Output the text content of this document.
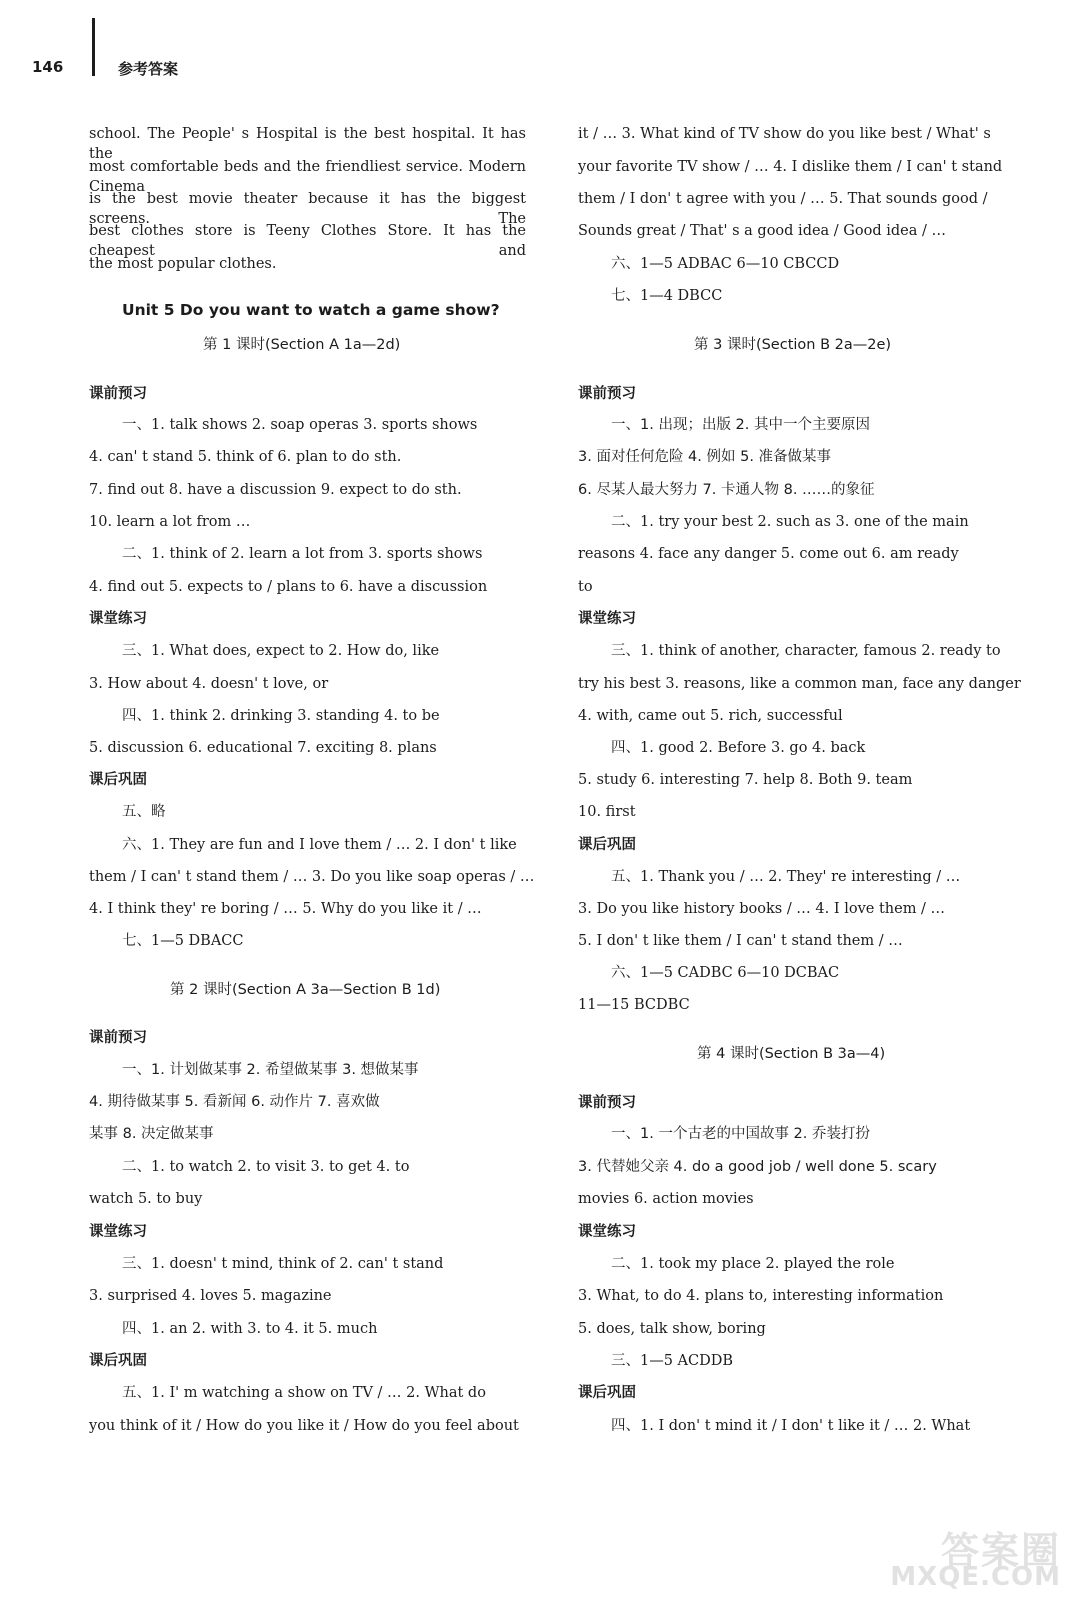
146	参考答案
school. The People' s Hospital is the best hospital. It has the
most comfortable beds and the friendliest service. Modern Cinema
is the best movie theater because it has the biggest screens. The
best clothes store is Teeny Clothes Store. It has the cheapest and
the most popular clothes.
Unit 5 Do you want to watch a game show?
第 1 课时(Section A 1a—2d)
课前预习
一、1. talk shows 2. soap operas 3. sports shows
4. can' t stand 5. think of 6. plan to do sth.
7. find out 8. have a discussion 9. expect to do sth.
10. learn a lot from …
二、1. think of 2. learn a lot from 3. sports shows
4. find out 5. expects to / plans to 6. have a discussion
课堂练习
三、1. What does, expect to 2. How do, like
3. How about 4. doesn' t love, or
四、1. think 2. drinking 3. standing 4. to be
5. discussion 6. educational 7. exciting 8. plans
课后巩固
五、略
六、1. They are fun and I love them / … 2. I don' t like
them / I can' t stand them / … 3. Do you like soap operas / …
4. I think they' re boring / … 5. Why do you like it / …
七、1—5 DBACC
第 2 课时(Section A 3a—Section B 1d)
课前预习
一、1. 计划做某事 2. 希望做某事 3. 想做某事
4. 期待做某事 5. 看新闻 6. 动作片 7. 喜欢做
某事 8. 决定做某事
二、1. to watch 2. to visit 3. to get 4. to
watch 5. to buy
课堂练习
三、1. doesn' t mind, think of 2. can' t stand
3. surprised 4. loves 5. magazine
四、1. an 2. with 3. to 4. it 5. much
课后巩固
五、1. I' m watching a show on TV / … 2. What do
you think of it / How do you like it / How do you feel about
it / … 3. What kind of TV show do you like best / What' s
your favorite TV show / … 4. I dislike them / I can' t stand
them / I don' t agree with you / … 5. That sounds good /
Sounds great / That' s a good idea / Good idea / …
六、1—5 ADBAC 6—10 CBCCD
七、1—4 DBCC
第 3 课时(Section B 2a—2e)
课前预习
一、1. 出现；出版 2. 其中一个主要原因
3. 面对任何危险 4. 例如 5. 准备做某事
6. 尽某人最大努力 7. 卡通人物 8. ……的象征
二、1. try your best 2. such as 3. one of the main
reasons 4. face any danger 5. come out 6. am ready
to
课堂练习
三、1. think of another, character, famous 2. ready to
try his best 3. reasons, like a common man, face any danger
4. with, came out 5. rich, successful
四、1. good 2. Before 3. go 4. back
5. study 6. interesting 7. help 8. Both 9. team
10. first
课后巩固
五、1. Thank you / … 2. They' re interesting / …
3. Do you like history books / … 4. I love them / …
5. I don' t like them / I can' t stand them / …
六、1—5 CADBC 6—10 DCBAC
11—15 BCDBC
第 4 课时(Section B 3a—4)
课前预习
一、1. 一个古老的中国故事 2. 乔装打扮
3. 代替她父亲 4. do a good job / well done 5. scary
movies 6. action movies
课堂练习
二、1. took my place 2. played the role
3. What, to do 4. plans to, interesting information
5. does, talk show, boring
三、1—5 ACDDB
课后巩固
四、1. I don' t mind it / I don' t like it / … 2. What
答案圈
MXQE.COM
